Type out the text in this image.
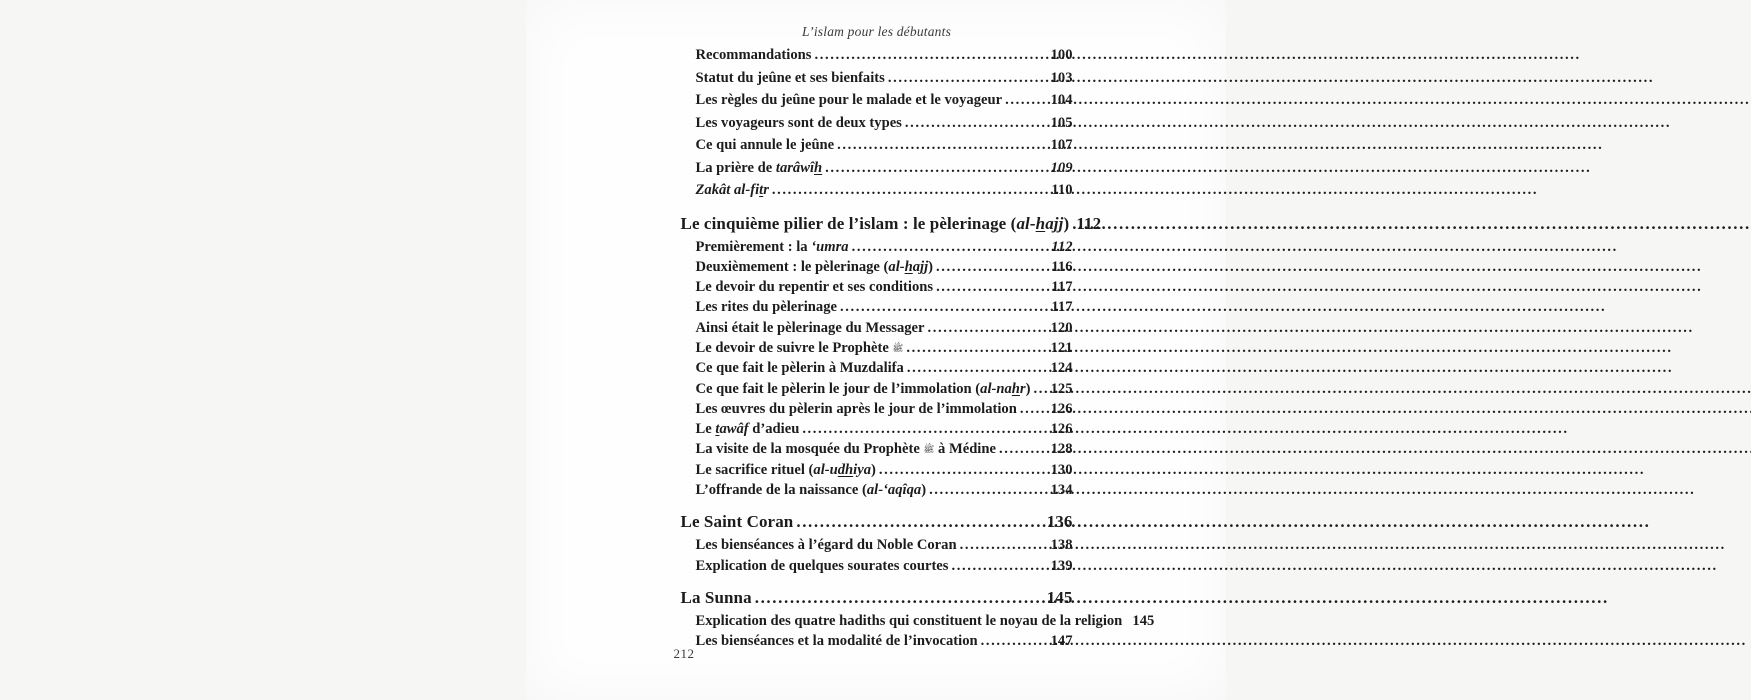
L’islam pour les débutants
Recommandations .....	100
Statut du jeûne et ses bienfaits .....	103
Les règles du jeûne pour le malade et le voyageur .....	104
Les voyageurs sont de deux types .....	105
Ce qui annule le jeûne .....	107
La prière de tarâwîh .....	109
Zakât al-fitr .....	110
Le cinquième pilier de l’islam : le pèlerinage (al-hajj) 112
Premièrement : la ‘umra .....	112
Deuxièmement : le pèlerinage (al-hajj) .....	116
Le devoir du repentir et ses conditions .....	117
Les rites du pèlerinage .....	117
Ainsi était le pèlerinage du Messager .....	120
Le devoir de suivre le Prophète ﷺ .....	121
Ce que fait le pèlerin à Muzdalifa .....	124
Ce que fait le pèlerin le jour de l’immolation (al-nahr) ..... 125
Les œuvres du pèlerin après le jour de l’immolation ..... 126
Le tawâf d’adieu .....	126
La visite de la mosquée du Prophète ﷺ à Médine .....	128
Le sacrifice rituel (al-udhiya) .....	130
L’offrande de la naissance (al-‘aqîqa) .....	134
Le Saint Coran .....	136
Les bienséances à l’égard du Noble Coran .....	138
Explication de quelques sourates courtes .....	139
La Sunna .....	145
Explication des quatre hadiths qui constituent le noyau de la religion 145
Les bienséances et la modalité de l’invocation .....	147
212
